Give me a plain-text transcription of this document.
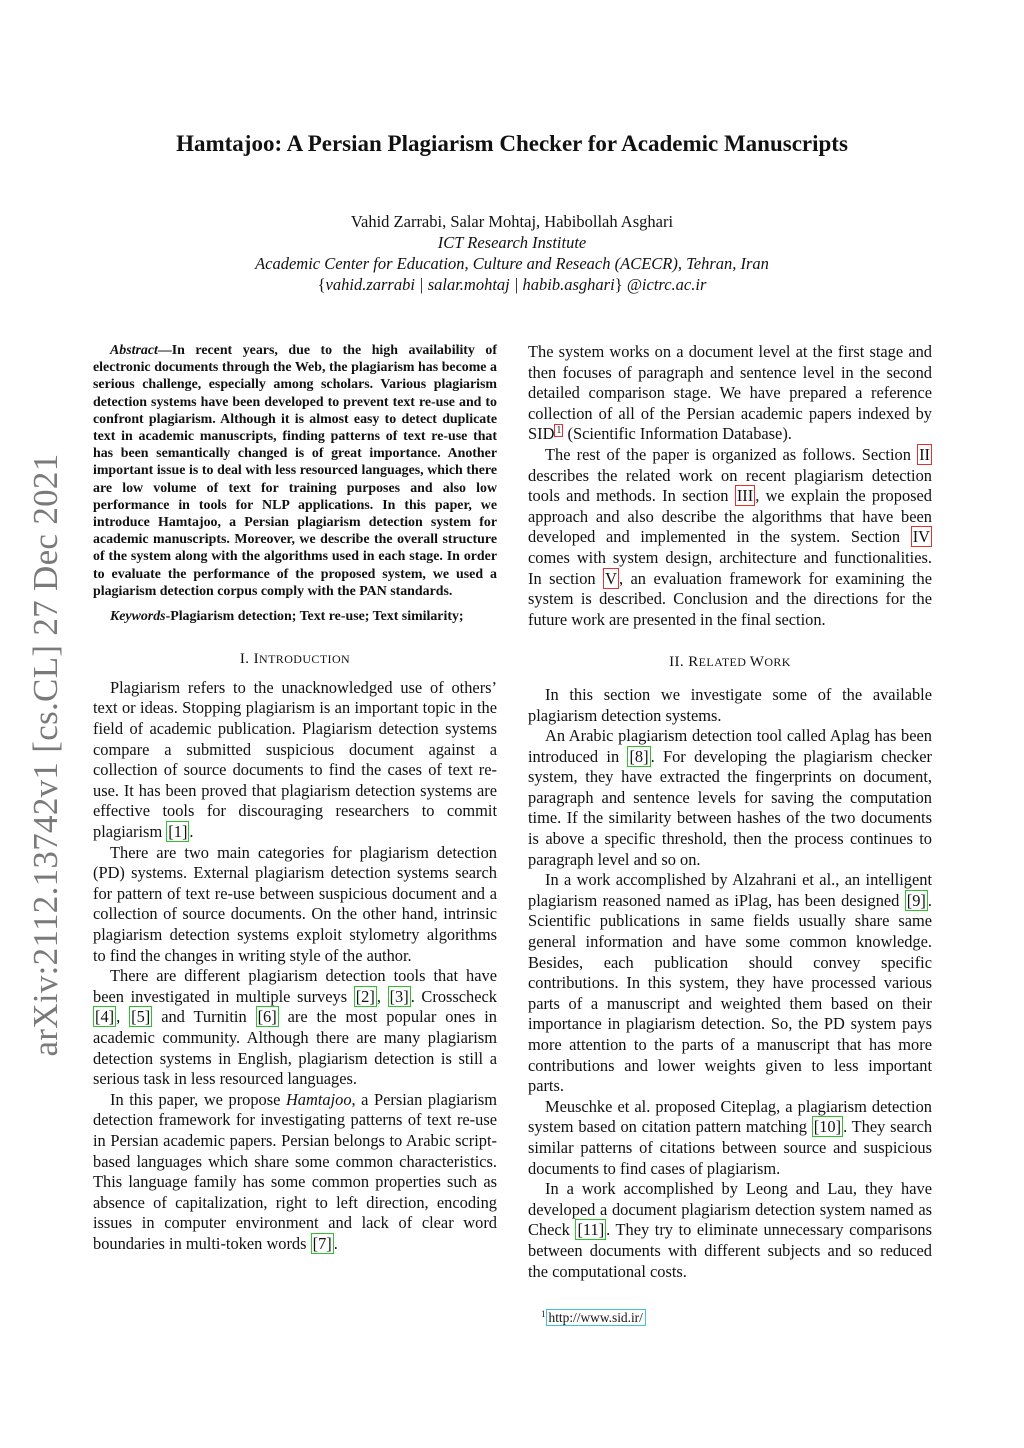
arXiv:2112.13742v1 [cs.CL] 27 Dec 2021
Hamtajoo: A Persian Plagiarism Checker for Academic Manuscripts
Vahid Zarrabi, Salar Mohtaj, Habibollah Asghari
ICT Research Institute
Academic Center for Education, Culture and Reseach (ACECR), Tehran, Iran
{vahid.zarrabi | salar.mohtaj | habib.asghari} @ictrc.ac.ir

Abstract—In recent years, due to the high availability of electronic documents through the Web, the plagiarism has become a serious challenge, especially among scholars. Various plagiarism detection systems have been developed to prevent text re-use and to confront plagiarism. Although it is almost easy to detect duplicate text in academic manuscripts, finding patterns of text re-use that has been semantically changed is of great importance. Another important issue is to deal with less resourced languages, which there are low volume of text for training purposes and also low performance in tools for NLP applications. In this paper, we introduce Hamtajoo, a Persian plagiarism detection system for academic manuscripts. Moreover, we describe the overall structure of the system along with the algorithms used in each stage. In order to evaluate the performance of the proposed system, we used a plagiarism detection corpus comply with the PAN standards.

Keywords-Plagiarism detection; Text re-use; Text similarity;

I. INTRODUCTION

Plagiarism refers to the unacknowledged use of others’ text or ideas. Stopping plagiarism is an important topic in the field of academic publication. Plagiarism detection systems compare a submitted suspicious document against a collection of source documents to find the cases of text re-use. It has been proved that plagiarism detection systems are effective tools for discouraging researchers to commit plagiarism [1] .

There are two main categories for plagiarism detection (PD) systems. External plagiarism detection systems search for pattern of text re-use between suspicious document and a collection of source documents. On the other hand, intrinsic plagiarism detection systems exploit stylometry algorithms to find the changes in writing style of the author.

There are different plagiarism detection tools that have been investigated in multiple surveys [2] , [3] . Crosscheck [4] , [5] and Turnitin [6] are the most popular ones in academic community. Although there are many plagiarism detection systems in English, plagiarism detection is still a serious task in less resourced languages.

In this paper, we propose Hamtajoo, a Persian plagiarism detection framework for investigating patterns of text re-use in Persian academic papers. Persian belongs to Arabic script-based languages which share some common characteristics. This language family has some common properties such as absence of capitalization, right to left direction, encoding issues in computer environment and lack of clear word boundaries in multi-token words [7] .

The system works on a document level at the first stage and then focuses of paragraph and sentence level in the second detailed comparison stage. We have prepared a reference collection of all of the Persian academic papers indexed by SID $^1$ (Scientific Information Database).

The rest of the paper is organized as follows. Section II describes the related work on recent plagiarism detection tools and methods. In section III , we explain the proposed approach and also describe the algorithms that have been developed and implemented in the system. Section IV comes with system design, architecture and functionalities. In section V , an evaluation framework for examining the system is described. Conclusion and the directions for the future work are presented in the final section.

II. RELATED WORK

In this section we investigate some of the available plagiarism detection systems.

An Arabic plagiarism detection tool called Aplag has been introduced in [8] . For developing the plagiarism checker system, they have extracted the fingerprints on document, paragraph and sentence levels for saving the computation time. If the similarity between hashes of the two documents is above a specific threshold, then the process continues to paragraph level and so on.

In a work accomplished by Alzahrani et al., an intelligent plagiarism reasoned named as iPlag, has been designed [9] . Scientific publications in same fields usually share same general information and have some common knowledge. Besides, each publication should convey specific contributions. In this system, they have processed various parts of a manuscript and weighted them based on their importance in plagiarism detection. So, the PD system pays more attention to the parts of a manuscript that has more contributions and lower weights given to less important parts.

Meuschke et al. proposed Citeplag, a plagiarism detection system based on citation pattern matching [10] . They search similar patterns of citations between source and suspicious documents to find cases of plagiarism.

In a work accomplished by Leong and Lau, they have developed a document plagiarism detection system named as Check [11] . They try to eliminate unnecessary comparisons between documents with different subjects and so reduced the computational costs.

$^1$ http://www.sid.ir/
